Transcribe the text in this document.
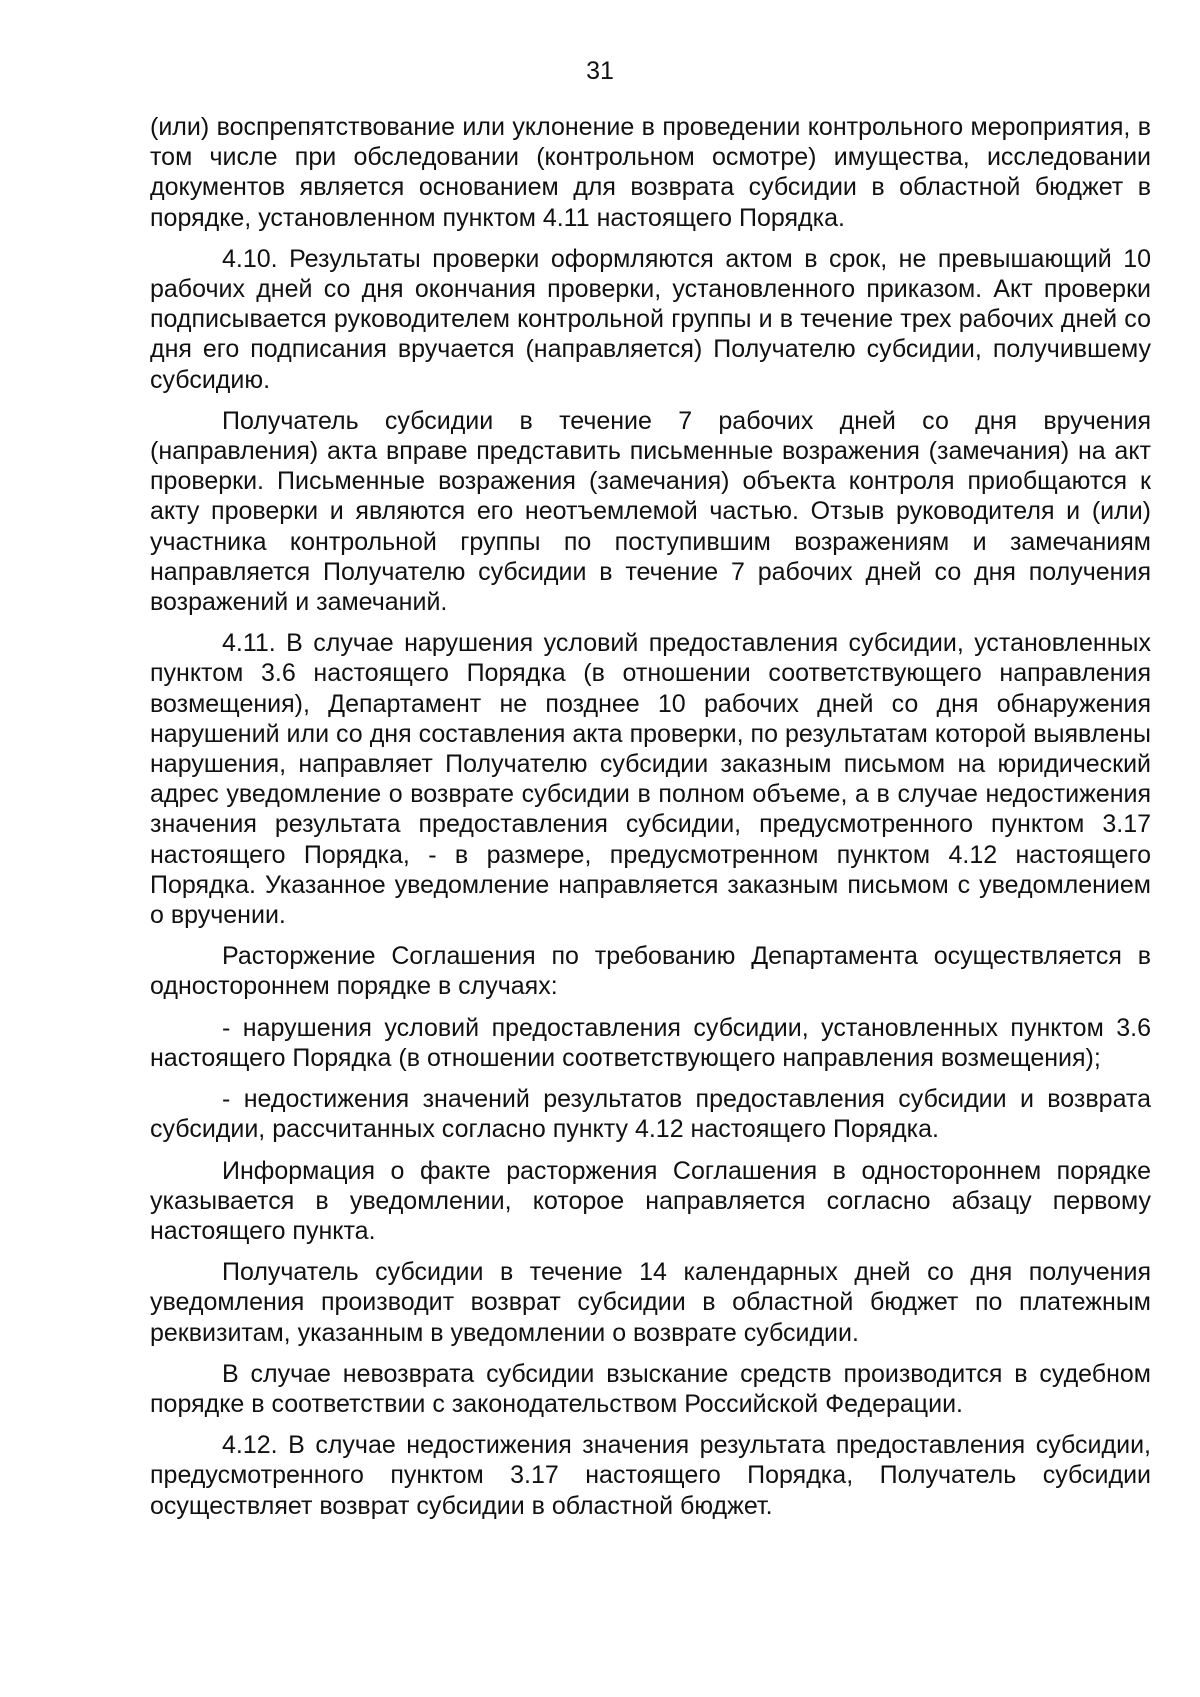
31

(или) воспрепятствование или уклонение в проведении контрольного мероприятия, в том числе при обследовании (контрольном осмотре) имущества, исследовании документов является основанием для возврата субсидии в областной бюджет в порядке, установленном пунктом 4.11 настоящего Порядка.

4.10. Результаты проверки оформляются актом в срок, не превышающий 10 рабочих дней со дня окончания проверки, установленного приказом. Акт проверки подписывается руководителем контрольной группы и в течение трех рабочих дней со дня его подписания вручается (направляется) Получателю субсидии, получившему субсидию.

Получатель субсидии в течение 7 рабочих дней со дня вручения (направления) акта вправе представить письменные возражения (замечания) на акт проверки. Письменные возражения (замечания) объекта контроля приобщаются к акту проверки и являются его неотъемлемой частью. Отзыв руководителя и (или) участника контрольной группы по поступившим возражениям и замечаниям направляется Получателю субсидии в течение 7 рабочих дней со дня получения возражений и замечаний.

4.11. В случае нарушения условий предоставления субсидии, установленных пунктом 3.6 настоящего Порядка (в отношении соответствующего направления возмещения), Департамент не позднее 10 рабочих дней со дня обнаружения нарушений или со дня составления акта проверки, по результатам которой выявлены нарушения, направляет Получателю субсидии заказным письмом на юридический адрес уведомление о возврате субсидии в полном объеме, а в случае недостижения значения результата предоставления субсидии, предусмотренного пунктом 3.17 настоящего Порядка, - в размере, предусмотренном пунктом 4.12 настоящего Порядка. Указанное уведомление направляется заказным письмом с уведомлением о вручении.

Расторжение Соглашения по требованию Департамента осуществляется в одностороннем порядке в случаях:

- нарушения условий предоставления субсидии, установленных пунктом 3.6 настоящего Порядка (в отношении соответствующего направления возмещения);

- недостижения значений результатов предоставления субсидии и возврата субсидии, рассчитанных согласно пункту 4.12 настоящего Порядка.

Информация о факте расторжения Соглашения в одностороннем порядке указывается в уведомлении, которое направляется согласно абзацу первому настоящего пункта.

Получатель субсидии в течение 14 календарных дней со дня получения уведомления производит возврат субсидии в областной бюджет по платежным реквизитам, указанным в уведомлении о возврате субсидии.

В случае невозврата субсидии взыскание средств производится в судебном порядке в соответствии с законодательством Российской Федерации.

4.12. В случае недостижения значения результата предоставления субсидии, предусмотренного пунктом 3.17 настоящего Порядка, Получатель субсидии осуществляет возврат субсидии в областной бюджет.
